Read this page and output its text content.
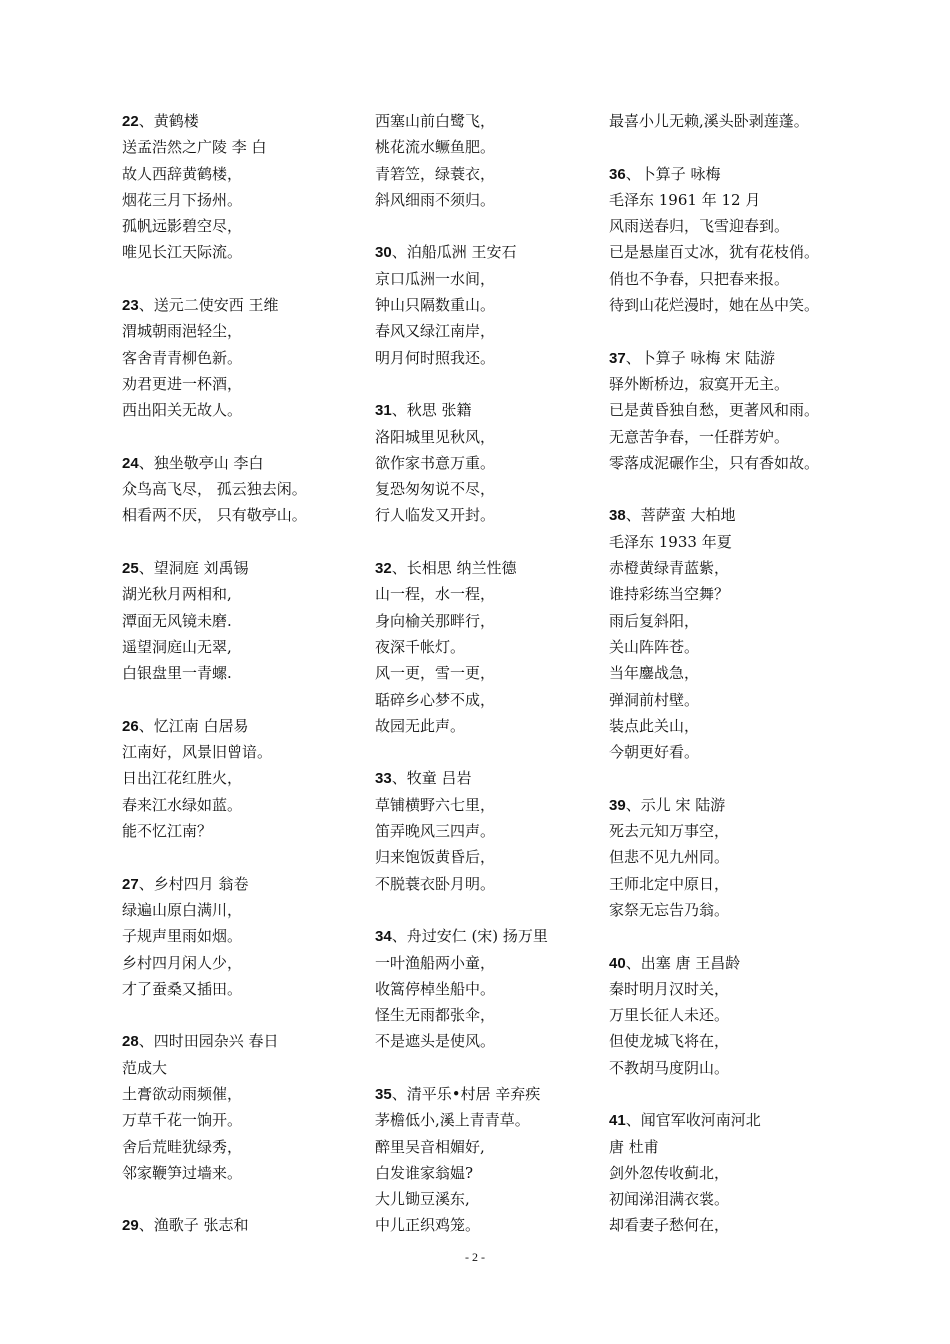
22、黄鹤楼
送孟浩然之广陵 李 白
故人西辞黄鹤楼，
烟花三月下扬州。
孤帆远影碧空尽，
唯见长江天际流。
23、送元二使安西 王维
渭城朝雨浥轻尘，
客舍青青柳色新。
劝君更进一杯酒，
西出阳关无故人。
24、独坐敬亭山 李白
众鸟高飞尽， 孤云独去闲。
相看两不厌， 只有敬亭山。
25、望洞庭 刘禹锡
湖光秋月两相和,
潭面无风镜未磨.
遥望洞庭山无翠,
白银盘里一青螺.
26、忆江南 白居易
江南好，风景旧曾谙。
日出江花红胜火，
春来江水绿如蓝。
能不忆江南？
27、乡村四月 翁卷
绿遍山原白满川，
子规声里雨如烟。
乡村四月闲人少，
才了蚕桑又插田。
28、四时田园杂兴 春日
范成大
土膏欲动雨频催，
万草千花一饷开。
舍后荒畦犹绿秀，
邻家鞭笋过墙来。
29、渔歌子 张志和
西塞山前白鹭飞，
桃花流水鳜鱼肥。
青箬笠，绿蓑衣，
斜风细雨不须归。
30、泊船瓜洲 王安石
京口瓜洲一水间，
钟山只隔数重山。
春风又绿江南岸，
明月何时照我还。
31、秋思 张籍
洛阳城里见秋风，
欲作家书意万重。
复恐匆匆说不尽，
行人临发又开封。
32、长相思 纳兰性德
山一程，水一程，
身向榆关那畔行，
夜深千帐灯。
风一更，雪一更，
聒碎乡心梦不成，
故园无此声。
33、牧童 吕岩
草铺横野六七里，
笛弄晚风三四声。
归来饱饭黄昏后，
不脱蓑衣卧月明。
34、舟过安仁 (宋) 扬万里
一叶渔船两小童，
收篙停棹坐船中。
怪生无雨都张伞，
不是遮头是使风。
35、清平乐•村居 辛弃疾
茅檐低小,溪上青青草。
醉里吴音相媚好,
白发谁家翁媪?
大儿锄豆溪东,
中儿正织鸡笼。
最喜小儿无赖,溪头卧剥莲蓬。
36、卜算子 咏梅
毛泽东 1961 年 12 月
风雨送春归，飞雪迎春到。
已是悬崖百丈冰，犹有花枝俏。
俏也不争春，只把春来报。
待到山花烂漫时，她在丛中笑。
37、卜算子 咏梅 宋 陆游
驿外断桥边，寂寞开无主。
已是黄昏独自愁，更著风和雨。
无意苦争春，一任群芳妒。
零落成泥碾作尘，只有香如故。
38、菩萨蛮 大柏地
毛泽东 1933 年夏
赤橙黄绿青蓝紫，
谁持彩练当空舞？
雨后复斜阳，
关山阵阵苍。
当年鏖战急，
弹洞前村壁。
装点此关山，
今朝更好看。
39、示儿 宋 陆游
死去元知万事空，
但悲不见九州同。
王师北定中原日，
家祭无忘告乃翁。
40、出塞 唐 王昌龄
秦时明月汉时关，
万里长征人未还。
但使龙城飞将在，
不教胡马度阴山。
41、闻官军收河南河北
唐 杜甫
剑外忽传收蓟北，
初闻涕泪满衣裳。
却看妻子愁何在，
- 2 -
